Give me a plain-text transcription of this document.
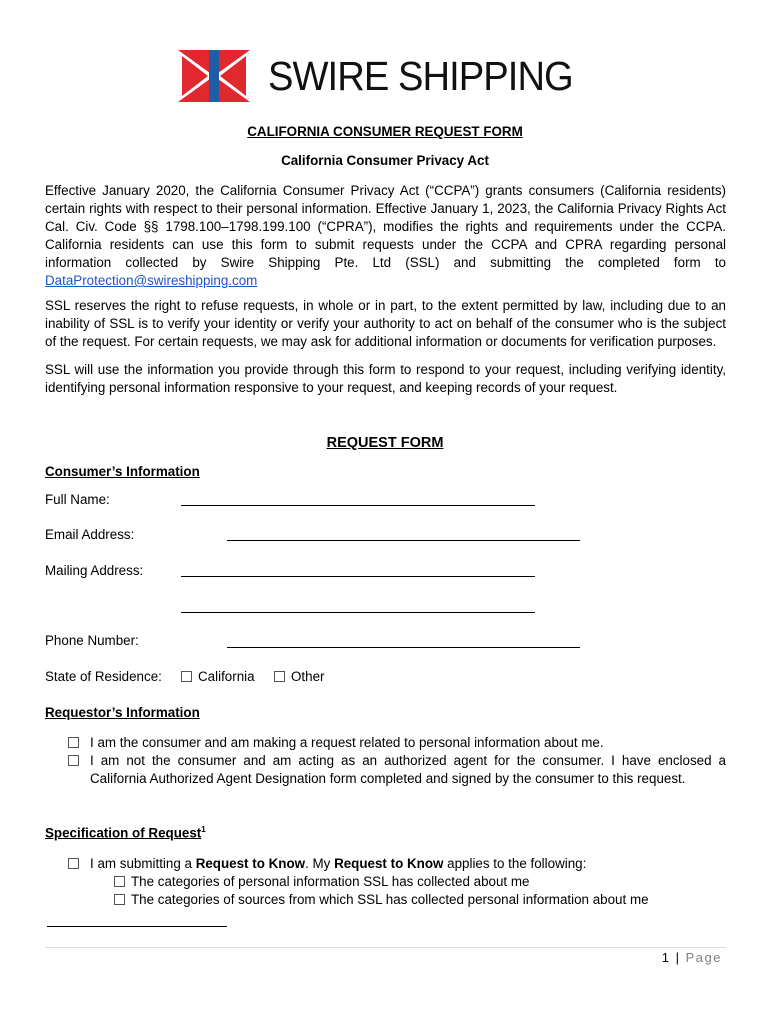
SWIRE SHIPPING
CALIFORNIA CONSUMER REQUEST FORM
California Consumer Privacy Act

Effective January 2020, the California Consumer Privacy Act (“CCPA”) grants consumers (California residents) certain rights with respect to their personal information. Effective January 1, 2023, the California Privacy Rights Act Cal. Civ. Code §§ 1798.100–1798.199.100 (“CPRA”), modifies the rights and requirements under the CCPA. California residents can use this form to submit requests under the CCPA and CPRA regarding personal information collected by Swire Shipping Pte. Ltd (SSL) and submitting the completed form to DataProtection@swireshipping.com

SSL reserves the right to refuse requests, in whole or in part, to the extent permitted by law, including due to an inability of SSL is to verify your identity or verify your authority to act on behalf of the consumer who is the subject of the request. For certain requests, we may ask for additional information or documents for verification purposes.
SSL will use the information you provide through this form to respond to your request, including verifying identity, identifying personal information responsive to your request, and keeping records of your request.
REQUEST FORM
Consumer’s Information
Full Name:
Email Address:
Mailing Address:
Phone Number:
State of Residence:	California	Other
Requestor’s Information
I am the consumer and am making a request related to personal information about me.
I am not the consumer and am acting as an authorized agent for the consumer. I have enclosed a California Authorized Agent Designation form completed and signed by the consumer to this request.
Specification of Request$^1$
I am submitting a Request to Know. My Request to Know applies to the following:
The categories of personal information SSL has collected about me
The categories of sources from which SSL has collected personal information about me
1 | Page
